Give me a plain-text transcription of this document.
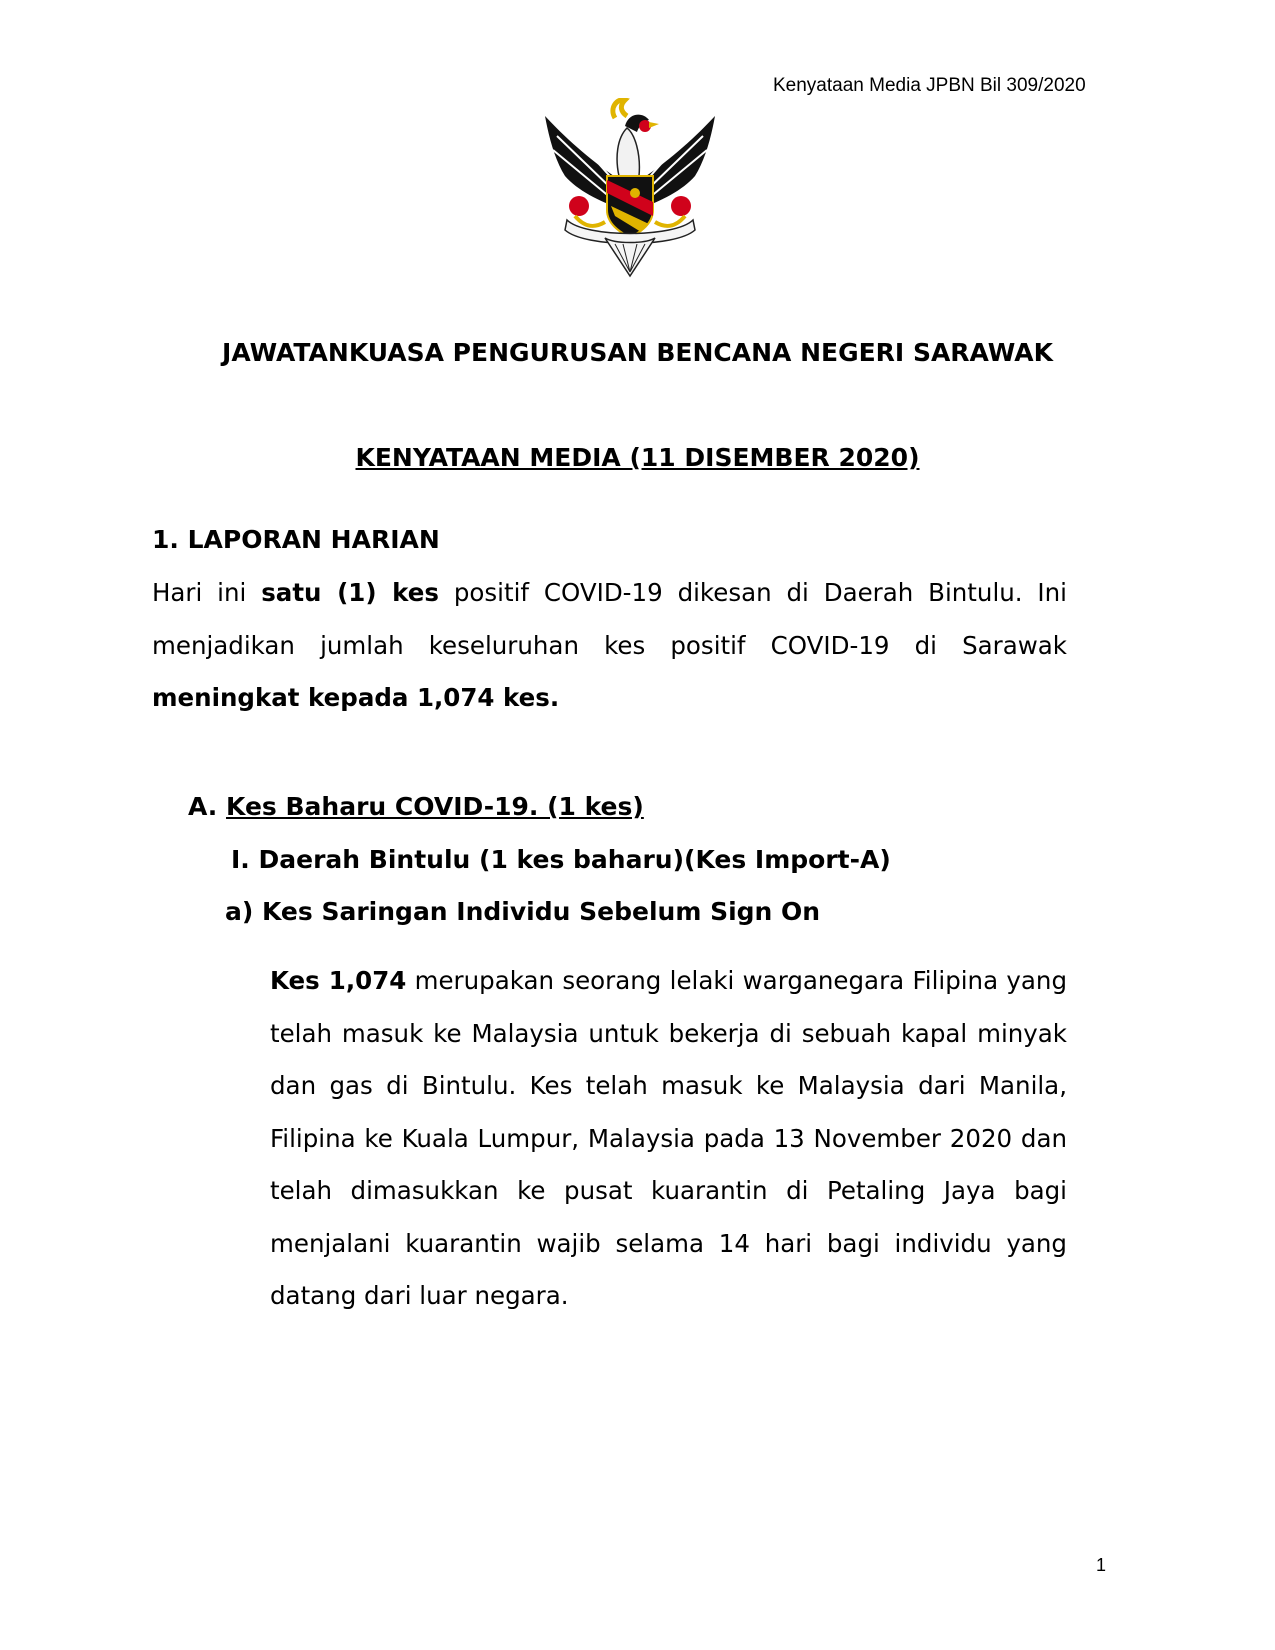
Kenyataan Media JPBN Bil 309/2020
JAWATANKUASA PENGURUSAN BENCANA NEGERI SARAWAK
KENYATAAN MEDIA (11 DISEMBER 2020)
1. LAPORAN HARIAN
Hari ini satu (1) kes positif COVID-19 dikesan di Daerah Bintulu. Ini menjadikan jumlah keseluruhan kes positif COVID-19 di Sarawak meningkat kepada 1,074 kes.
A. Kes Baharu COVID-19. (1 kes)
I. Daerah Bintulu (1 kes baharu)(Kes Import-A)
a) Kes Saringan Individu Sebelum Sign On
Kes 1,074 merupakan seorang lelaki warganegara Filipina yang telah masuk ke Malaysia untuk bekerja di sebuah kapal minyak dan gas di Bintulu. Kes telah masuk ke Malaysia dari Manila, Filipina ke Kuala Lumpur, Malaysia pada 13 November 2020 dan telah dimasukkan ke pusat kuarantin di Petaling Jaya bagi menjalani kuarantin wajib selama 14 hari bagi individu yang datang dari luar negara.
1
